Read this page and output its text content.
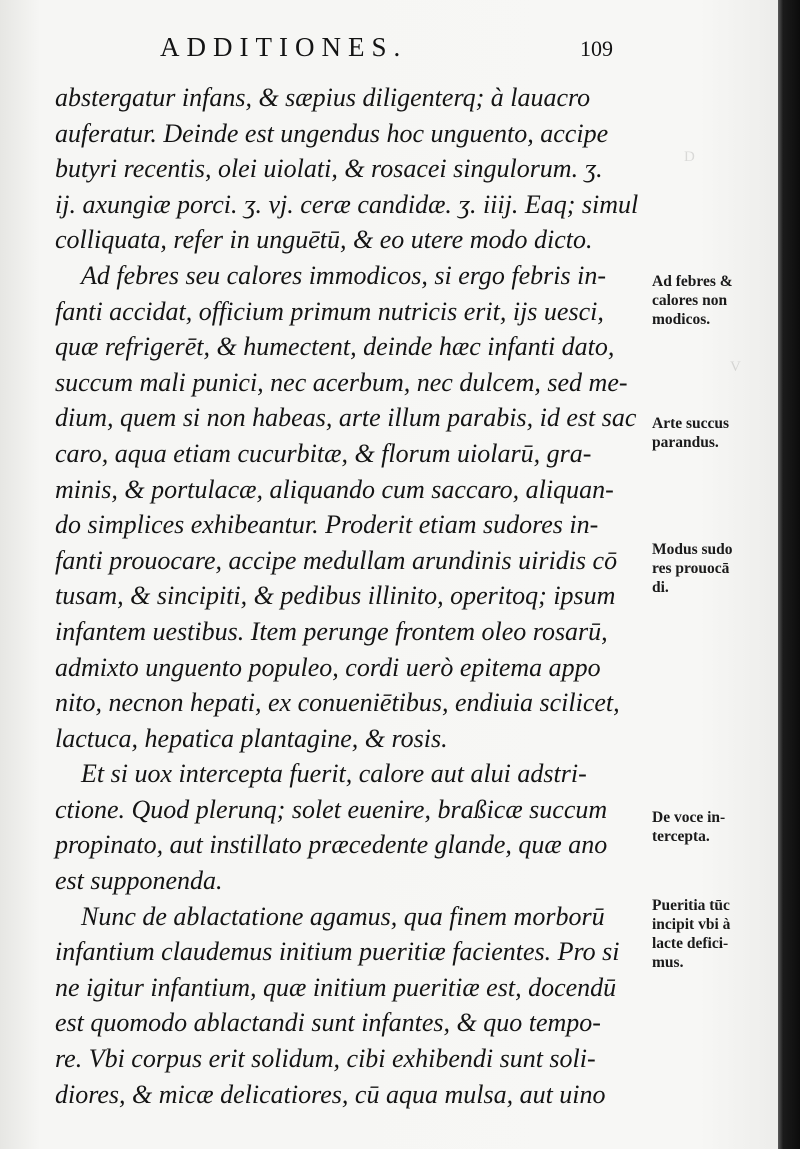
D
V
ADDITIONES.	109
abstergatur infans, & sæpius diligenterq; à lauacro
auferatur. Deinde est ungendus hoc unguento, accipe
butyri recentis, olei uiolati, & rosacei singulorum. ʒ.
ij. axungiæ porci. ʒ. vj. ceræ candidæ. ʒ. iiij. Eaq; simul
colliquata, refer in unguētū, & eo utere modo dicto.
Ad febres seu calores immodicos, si ergo febris in-
fanti accidat, officium primum nutricis erit, ijs uesci,
quæ refrigerēt, & humectent, deinde hæc infanti dato,
succum mali punici, nec acerbum, nec dulcem, sed me-
dium, quem si non habeas, arte illum parabis, id est sac
caro, aqua etiam cucurbitæ, & florum uiolarū, gra-
minis, & portulacæ, aliquando cum saccaro, aliquan-
do simplices exhibeantur. Proderit etiam sudores in-
fanti prouocare, accipe medullam arundinis uiridis cō
tusam, & sincipiti, & pedibus illinito, operitoq; ipsum
infantem uestibus. Item perunge frontem oleo rosarū,
admixto unguento populeo, cordi uerò epitema appo
nito, necnon hepati, ex conueniētibus, endiuia scilicet,
lactuca, hepatica plantagine, & rosis.
Et si uox intercepta fuerit, calore aut alui adstri-
ctione. Quod plerunq; solet euenire, braßicæ succum
propinato, aut instillato præcedente glande, quæ ano
est supponenda.
Nunc de ablactatione agamus, qua finem morborū
infantium claudemus initium pueritiæ facientes. Pro si
ne igitur infantium, quæ initium pueritiæ est, docendū
est quomodo ablactandi sunt infantes, & quo tempo-
re. Vbi corpus erit solidum, cibi exhibendi sunt soli-
diores, & micæ delicatiores, cū aqua mulsa, aut uino
Ad febres &
calores non
modicos.
Arte succus
parandus.
Modus sudo
res prouocā
di.
De voce in-
tercepta.
Pueritia tūc
incipit vbi à
lacte defici-
mus.
